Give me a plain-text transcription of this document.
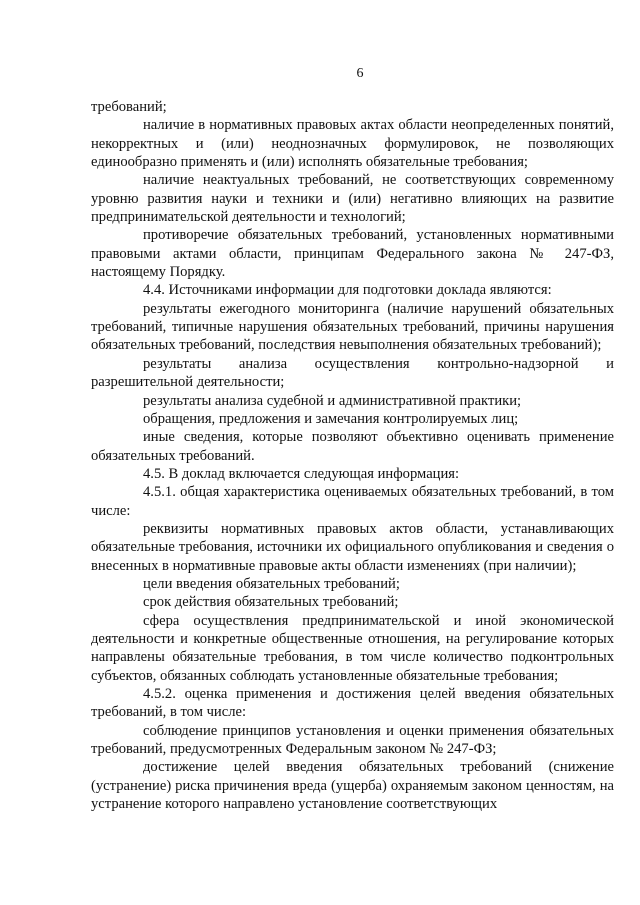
6

требований;

наличие в нормативных правовых актах области неопределенных понятий, некорректных и (или) неоднозначных формулировок, не позволяющих единообразно применять и (или) исполнять обязательные требования;

наличие неактуальных требований, не соответствующих современному уровню развития науки и техники и (или) негативно влияющих на развитие предпринимательской деятельности и технологий;

противоречие обязательных требований, установленных нормативными правовыми актами области, принципам Федерального закона № 247-ФЗ, настоящему Порядку.

4.4. Источниками информации для подготовки доклада являются:

результаты ежегодного мониторинга (наличие нарушений обязательных требований, типичные нарушения обязательных требований, причины нарушения обязательных требований, последствия невыполнения обязательных требований);

результаты анализа осуществления контрольно-надзорной и разрешительной деятельности;

результаты анализа судебной и административной практики;

обращения, предложения и замечания контролируемых лиц;

иные сведения, которые позволяют объективно оценивать применение обязательных требований.

4.5. В доклад включается следующая информация:

4.5.1. общая характеристика оцениваемых обязательных требований, в том числе:

реквизиты нормативных правовых актов области, устанавливающих обязательные требования, источники их официального опубликования и сведения о внесенных в нормативные правовые акты области изменениях (при наличии);

цели введения обязательных требований;

срок действия обязательных требований;

сфера осуществления предпринимательской и иной экономической деятельности и конкретные общественные отношения, на регулирование которых направлены обязательные требования, в том числе количество подконтрольных субъектов, обязанных соблюдать установленные обязательные требования;

4.5.2. оценка применения и достижения целей введения обязательных требований, в том числе:

соблюдение принципов установления и оценки применения обязательных требований, предусмотренных Федеральным законом № 247-ФЗ;

достижение целей введения обязательных требований (снижение (устранение) риска причинения вреда (ущерба) охраняемым законом ценностям, на устранение которого направлено установление соответствующих
